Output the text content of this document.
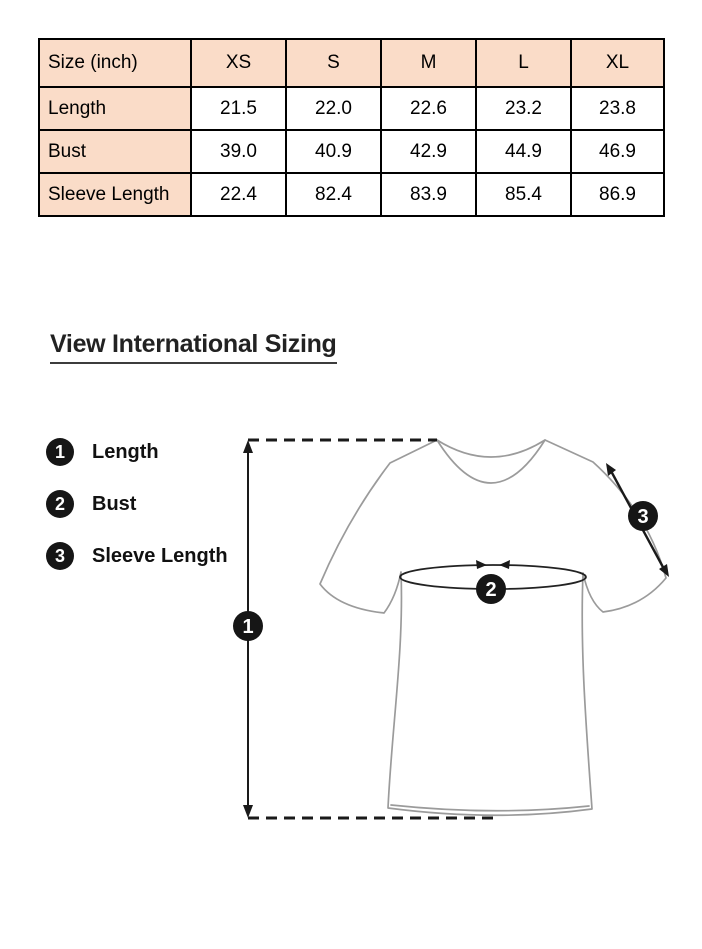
Size (inch)	XS	S	M	L	XL
Length	21.5	22.0	22.6	23.2	23.8
Bust	39.0	40.9	42.9	44.9	46.9
Sleeve Length	22.4	82.4	83.9	85.4	86.9
View International Sizing
1	Length
2	Bust
3	Sleeve Length
1
2
3
